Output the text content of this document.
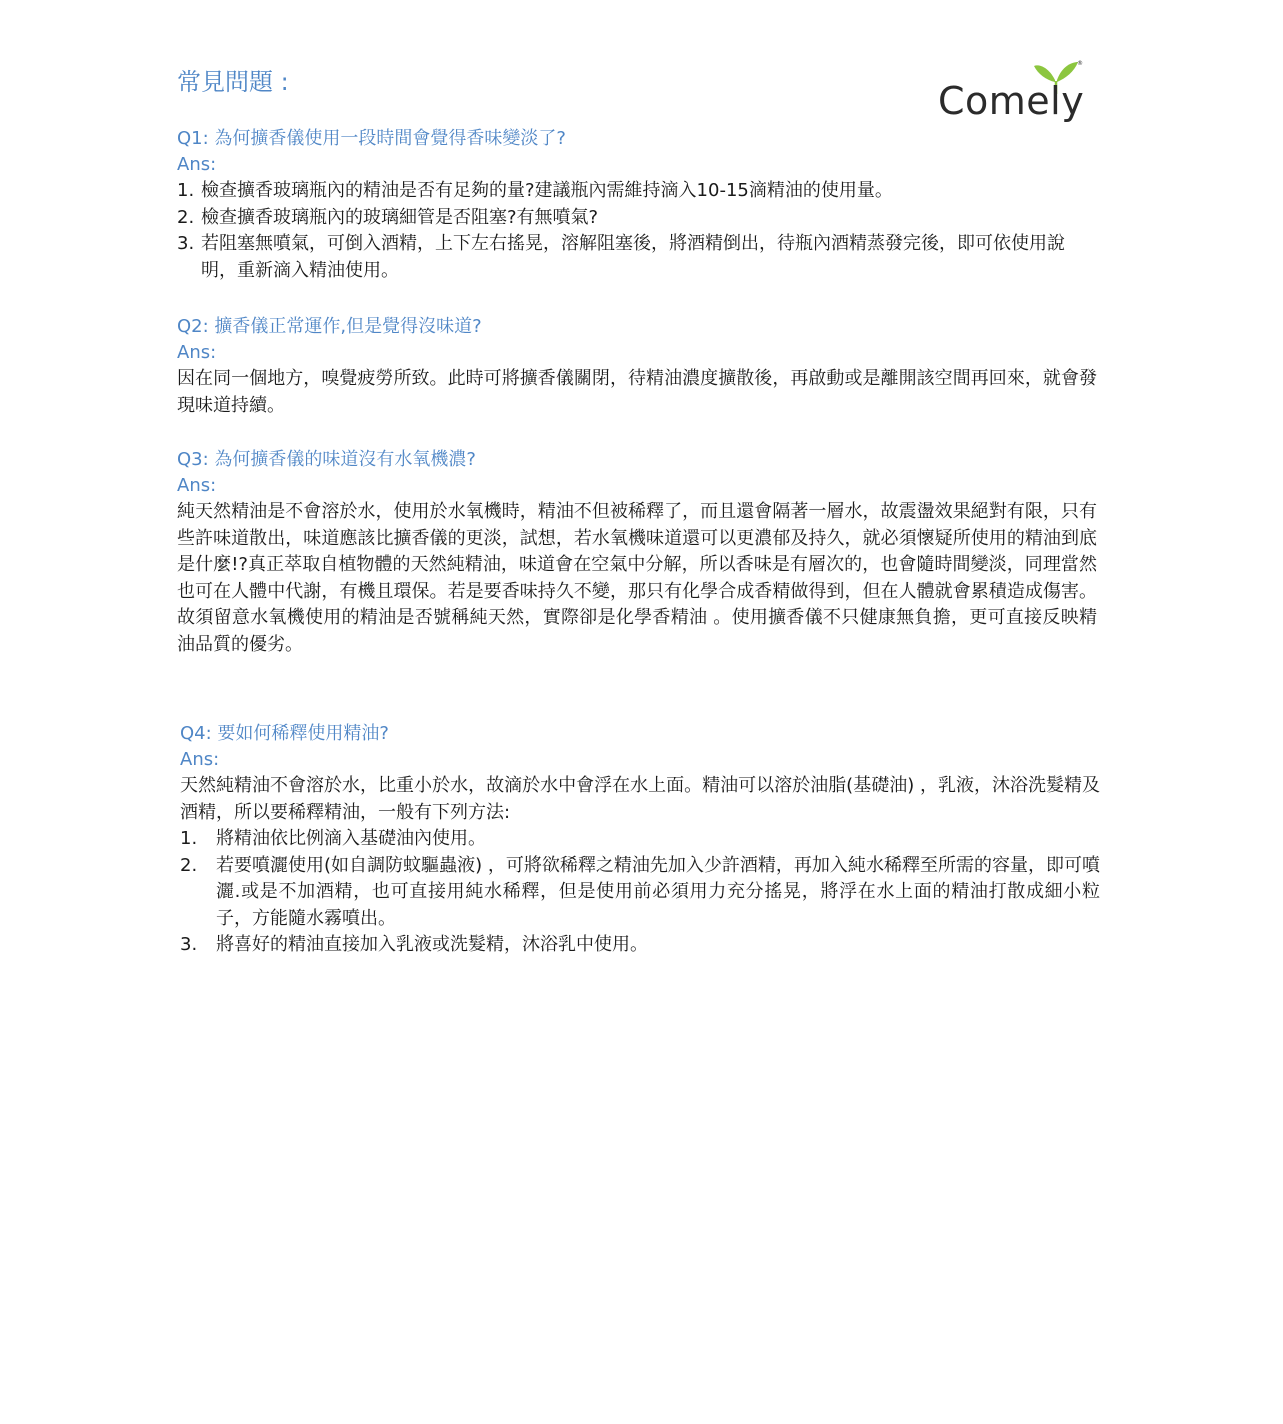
常見問題 :
®
Comely
Q1: 為何擴香儀使用一段時間會覺得香味變淡了?
Ans:
1. 檢查擴香玻璃瓶內的精油是否有足夠的量?建議瓶內需維持滴入10-15滴精油的使用量。
2. 檢查擴香玻璃瓶內的玻璃細管是否阻塞?有無噴氣?
3. 若阻塞無噴氣，可倒入酒精，上下左右搖晃，溶解阻塞後，將酒精倒出，待瓶內酒精蒸發完後，即可依使用說明，重新滴入精油使用。
Q2: 擴香儀正常運作,但是覺得沒味道?
Ans:
因在同一個地方，嗅覺疲勞所致。此時可將擴香儀關閉，待精油濃度擴散後，再啟動或是離開該空間再回來，就會發現味道持續。
Q3: 為何擴香儀的味道沒有水氧機濃?
Ans:
純天然精油是不會溶於水，使用於水氧機時，精油不但被稀釋了，而且還會隔著一層水，故震盪效果絕對有限，只有些許味道散出，味道應該比擴香儀的更淡，試想，若水氧機味道還可以更濃郁及持久，就必須懷疑所使用的精油到底是什麼!?真正萃取自植物體的天然純精油，味道會在空氣中分解，所以香味是有層次的，也會隨時間變淡，同理當然也可在人體中代謝，有機且環保。若是要香味持久不變，那只有化學合成香精做得到，但在人體就會累積造成傷害。故須留意水氧機使用的精油是否號稱純天然，實際卻是化學香精油 。使用擴香儀不只健康無負擔，更可直接反映精油品質的優劣。
Q4: 要如何稀釋使用精油?
Ans:
天然純精油不會溶於水，比重小於水，故滴於水中會浮在水上面。精油可以溶於油脂(基礎油) ，乳液，沐浴洗髮精及酒精，所以要稀釋精油，一般有下列方法:
1. 將精油依比例滴入基礎油內使用。
2. 若要噴灑使用(如自調防蚊驅蟲液) ，可將欲稀釋之精油先加入少許酒精，再加入純水稀釋至所需的容量，即可噴灑.或是不加酒精，也可直接用純水稀釋，但是使用前必須用力充分搖晃，將浮在水上面的精油打散成細小粒子，方能隨水霧噴出。
3. 將喜好的精油直接加入乳液或洗髮精，沐浴乳中使用。
